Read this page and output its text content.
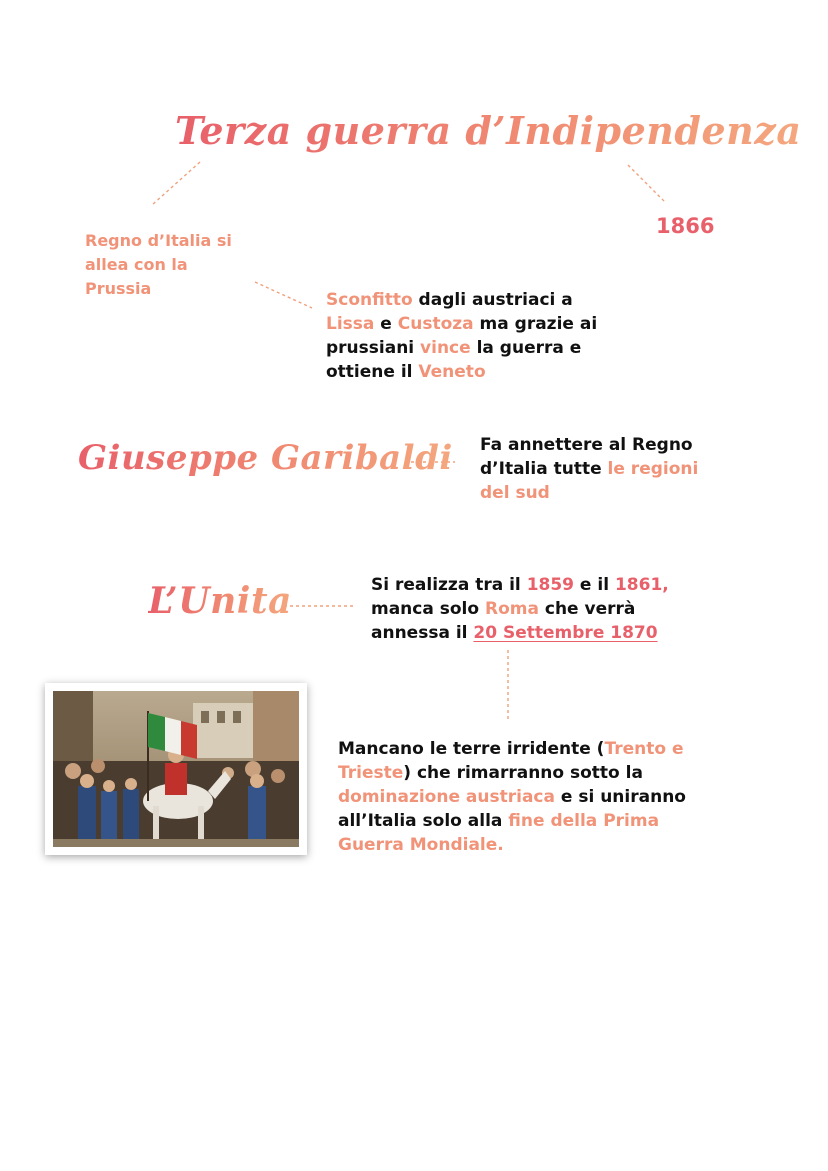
Terza guerra d’Indipendenza
1866
Regno d’Italia si
allea con la
Prussia
Sconfitto dagli austriaci a
Lissa e Custoza ma grazie ai
prussiani vince la guerra e
ottiene il Veneto
Giuseppe Garibaldi Fa annettere al Regno
d’Italia tutte le regioni
del sud
L’Unita	Si realizza tra il 1859 e il 1861,
manca solo Roma che verrà
annessa il 20 Settembre 1870
Mancano le terre irridente (Trento e
Trieste) che rimarranno sotto la
dominazione austriaca e si uniranno
all’Italia solo alla fine della Prima
Guerra Mondiale.
